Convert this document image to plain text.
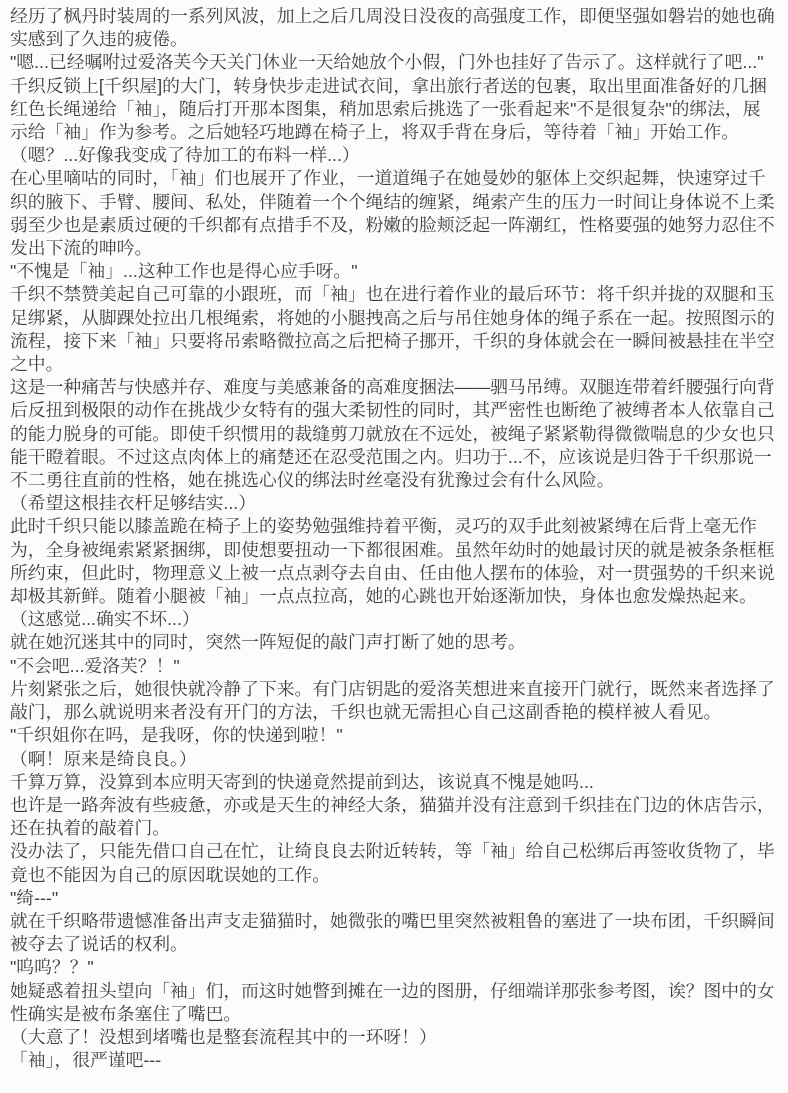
经历了枫丹时装周的一系列风波，加上之后几周没日没夜的高强度工作，即便坚强如磐岩的她也确实感到了久违的疲倦。

"嗯...已经嘱咐过爱洛芙今天关门休业一天给她放个小假，门外也挂好了告示了。这样就行了吧..."

千织反锁上[千织屋]的大门，转身快步走进试衣间，拿出旅行者送的包裹，取出里面准备好的几捆红色长绳递给「袖」，随后打开那本图集，稍加思索后挑选了一张看起来"不是很复杂"的绑法，展示给「袖」作为参考。之后她轻巧地蹲在椅子上，将双手背在身后，等待着「袖」开始工作。

（嗯？...好像我变成了待加工的布料一样...）

在心里嘀咕的同时，「袖」们也展开了作业，一道道绳子在她曼妙的躯体上交织起舞，快速穿过千织的腋下、手臂、腰间、私处，伴随着一个个绳结的缠紧，绳索产生的压力一时间让身体说不上柔弱至少也是素质过硬的千织都有点措手不及，粉嫩的脸颊泛起一阵潮红，性格要强的她努力忍住不发出下流的呻吟。

"不愧是「袖」...这种工作也是得心应手呀。"

千织不禁赞美起自己可靠的小跟班，而「袖」也在进行着作业的最后环节：将千织并拢的双腿和玉足绑紧，从脚踝处拉出几根绳索，将她的小腿拽高之后与吊住她身体的绳子系在一起。按照图示的流程，接下来「袖」只要将吊索略微拉高之后把椅子挪开，千织的身体就会在一瞬间被悬挂在半空之中。

这是一种痛苦与快感并存、难度与美感兼备的高难度捆法——驷马吊缚。双腿连带着纤腰强行向背后反扭到极限的动作在挑战少女特有的强大柔韧性的同时，其严密性也断绝了被缚者本人依靠自己的能力脱身的可能。即使千织惯用的裁缝剪刀就放在不远处，被绳子紧紧勒得微微喘息的少女也只能干瞪着眼。不过这点肉体上的痛楚还在忍受范围之内。归功于...不，应该说是归咎于千织那说一不二勇往直前的性格，她在挑选心仪的绑法时丝毫没有犹豫过会有什么风险。

（希望这根挂衣杆足够结实...）

此时千织只能以膝盖跪在椅子上的姿势勉强维持着平衡，灵巧的双手此刻被紧缚在后背上毫无作为，全身被绳索紧紧捆绑，即使想要扭动一下都很困难。虽然年幼时的她最讨厌的就是被条条框框所约束，但此时，物理意义上被一点点剥夺去自由、任由他人摆布的体验，对一贯强势的千织来说却极其新鲜。随着小腿被「袖」一点点拉高，她的心跳也开始逐渐加快，身体也愈发燥热起来。

（这感觉...确实不坏...）

就在她沉迷其中的同时，突然一阵短促的敲门声打断了她的思考。

"不会吧...爱洛芙？！"

片刻紧张之后，她很快就冷静了下来。有门店钥匙的爱洛芙想进来直接开门就行，既然来者选择了敲门，那么就说明来者没有开门的方法，千织也就无需担心自己这副香艳的模样被人看见。

"千织姐你在吗，是我呀，你的快递到啦！"

（啊！原来是绮良良。）

千算万算，没算到本应明天寄到的快递竟然提前到达，该说真不愧是她吗...

也许是一路奔波有些疲惫，亦或是天生的神经大条，猫猫并没有注意到千织挂在门边的休店告示，还在执着的敲着门。

没办法了，只能先借口自己在忙，让绮良良去附近转转，等「袖」给自己松绑后再签收货物了，毕竟也不能因为自己的原因耽误她的工作。

"绮---"

就在千织略带遗憾准备出声支走猫猫时，她微张的嘴巴里突然被粗鲁的塞进了一块布团，千织瞬间被夺去了说话的权利。

"呜呜？？"

她疑惑着扭头望向「袖」们，而这时她瞥到摊在一边的图册，仔细端详那张参考图，诶？图中的女性确实是被布条塞住了嘴巴。

（大意了！没想到堵嘴也是整套流程其中的一环呀！）

「袖」，很严谨吧---
